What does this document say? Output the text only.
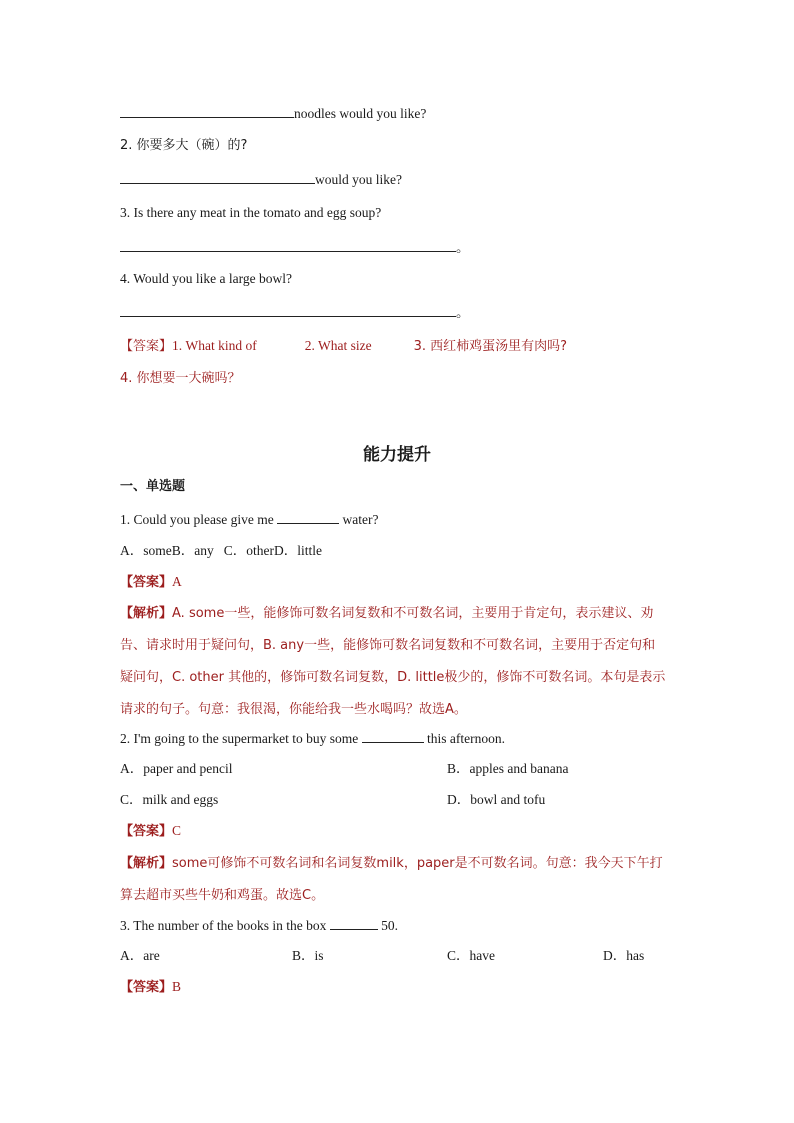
noodles would you like?
2. 你要多大（碗）的?
would you like?
3. Is there any meat in the tomato and egg soup?
。
4. Would you like a large bowl?
。
【答案】1. What kind of	2. What size	3. 西红柿鸡蛋汤里有肉吗?
4. 你想要一大碗吗？
能力提升
一、单选题
1. Could you please give me	water?
A．someB．any C．otherD．little
【答案】A
【解析】A. some一些，能修饰可数名词复数和不可数名词，主要用于肯定句，表示建议、劝告、请求时用于疑问句，B. any一些，能修饰可数名词复数和不可数名词，主要用于否定句和疑问句，C. other 其他的，修饰可数名词复数，D. little极少的，修饰不可数名词。本句是表示请求的句子。句意：我很渴，你能给我一些水喝吗？故选A。
2. I'm going to the supermarket to buy some	this afternoon.
A．paper and pencil	B．apples and banana
C．milk and eggs	D．bowl and tofu
【答案】C
【解析】some可修饰不可数名词和名词复数milk，paper是不可数名词。句意：我今天下午打算去超市买些牛奶和鸡蛋。故选C。
3. The number of the books in the box	50.
A．are	B．is	C．have	D．has
【答案】B
